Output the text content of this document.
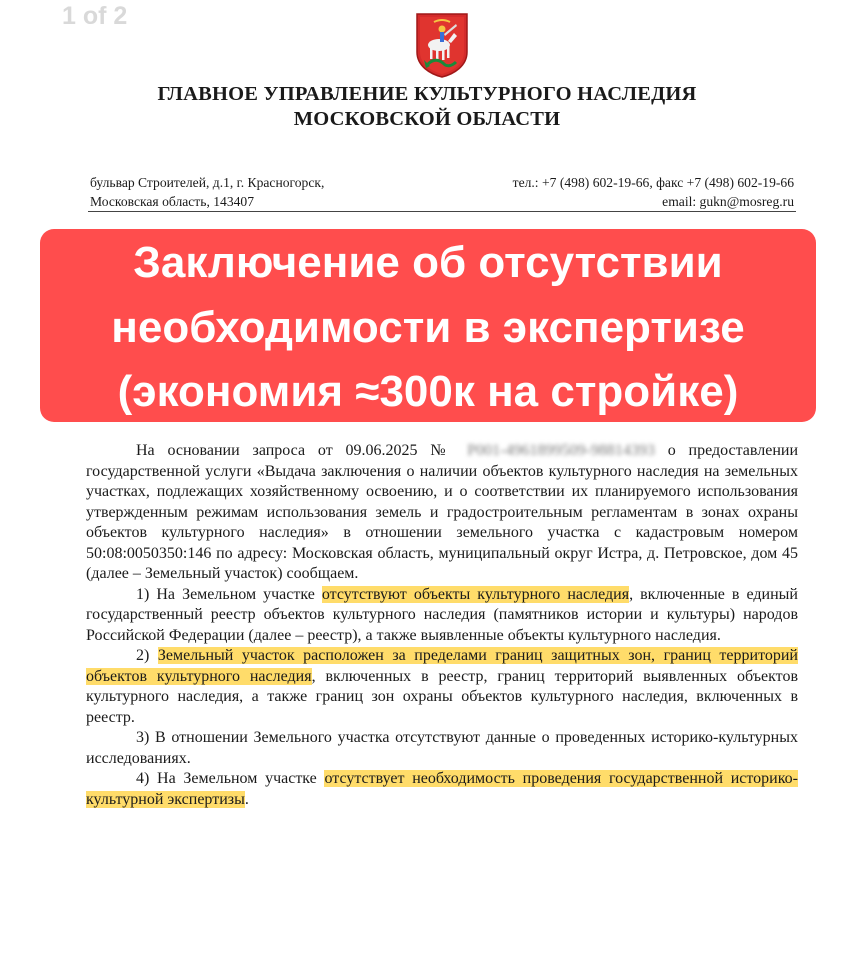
1 of 2
ГЛАВНОЕ УПРАВЛЕНИЕ КУЛЬТУРНОГО НАСЛЕДИЯ
МОСКОВСКОЙ ОБЛАСТИ
бульвар Строителей, д.1, г. Красногорск,
Московская область, 143407
тел.: +7 (498) 602-19-66, факс +7 (498) 602-19-66
email: gukn@mosreg.ru
Заключение об отсутствии
необходимости в экспертизе
(экономия ≈300к на стройке)

На основании запроса от 09.06.2025 № P001-4961899509-98814393 о предоставлении государственной услуги «Выдача заключения о наличии объектов культурного наследия на земельных участках, подлежащих хозяйственному освоению, и о соответствии их планируемого использования утвержденным режимам использования земель и градостроительным регламентам в зонах охраны объектов культурного наследия» в отношении земельного участка с кадастровым номером 50:08:0050350:146 по адресу: Московская область, муниципальный округ Истра, д. Петровское, дом 45 (далее – Земельный участок) сообщаем.

1) На Земельном участке отсутствуют объекты культурного наследия, включенные в единый государственный реестр объектов культурного наследия (памятников истории и культуры) народов Российской Федерации (далее – реестр), а также выявленные объекты культурного наследия.

2) Земельный участок расположен за пределами границ защитных зон, границ территорий объектов культурного наследия, включенных в реестр, границ территорий выявленных объектов культурного наследия, а также границ зон охраны объектов культурного наследия, включенных в реестр.

3) В отношении Земельного участка отсутствуют данные о проведенных историко-культурных исследованиях.

4) На Земельном участке отсутствует необходимость проведения государственной историко-культурной экспертизы.
